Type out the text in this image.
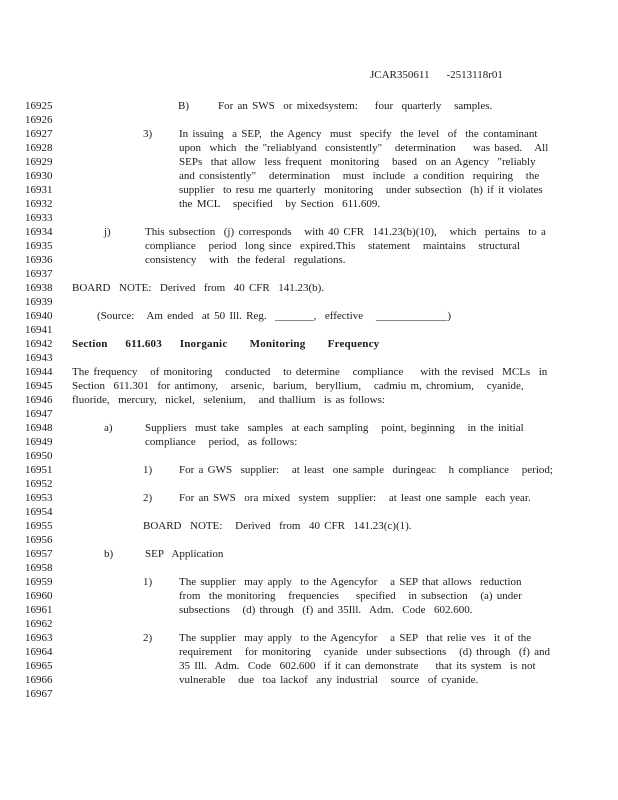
JCAR350611    -2513118r01
16925	B)	For an SWS  or mixedsystem:    four  quarterly   samples.
16926
16927	3) In issuing  a SEP,  the Agency  must  specify  the level  of  the contaminant
16928	upon  which  the "reliablyand  consistently"   determination    was based.   All
16929	SEPs  that allow  less frequent  monitoring   based  on an Agency  "reliably
16930	and consistently"   determination   must  include  a condition  requiring   the
16931	supplier  to resu me quarterly  monitoring   under subsection  (h) if it violates
16932	the MCL   specified   by Section  611.609.
16933
16934	j)	This subsection  (j) corresponds   with 40 CFR  141.23(b)(10),   which  pertains  to a
16935	compliance   period  long since  expired.This   statement   maintains   structural
16936	consistency   with  the federal  regulations.
16937
16938 BOARD  NOTE:  Derived  from  40 CFR  141.23(b).
16939
16940	(Source:   Am ended  at 50 Ill. Reg.  _______,  effective   _____________)
16941
16942 Section    611.603    Inorganic     Monitoring     Frequency
16943
16944 The frequency   of monitoring   conducted   to determine   compliance    with the revised  MCLs  in
16945 Section  611.301  for antimony,   arsenic,  barium,  beryllium,   cadmiu m, chromium,   cyanide,
16946 fluoride,  mercury,  nickel,  selenium,   and thallium  is as follows:
16947
16948	a)	Suppliers  must take  samples  at each sampling   point, beginning   in the initial
16949	compliance   period,  as follows:
16950
16951	1) For a GWS  supplier:   at least  one sample  duringeac   h compliance   period;
16952
16953	2) For an SWS  ora mixed  system  supplier:   at least one sample  each year.
16954
16955	BOARD  NOTE:   Derived  from  40 CFR  141.23(c)(1).
16956
16957	b)	SEP  Application
16958
16959	1) The supplier  may apply  to the Agencyfor   a SEP that allows  reduction
16960	from  the monitoring   frequencies    specified   in subsection   (a) under
16961	subsections   (d) through  (f) and 35Ill.  Adm.  Code  602.600.
16962
16963	2) The supplier  may apply  to the Agencyfor   a SEP  that relie ves  it of the
16964	requirement   for monitoring   cyanide  under subsections   (d) through  (f) and
16965	35 Ill.  Adm.  Code  602.600  if it can demonstrate    that its system  is not
16966	vulnerable   due  toa lackof  any industrial   source  of cyanide.
16967
